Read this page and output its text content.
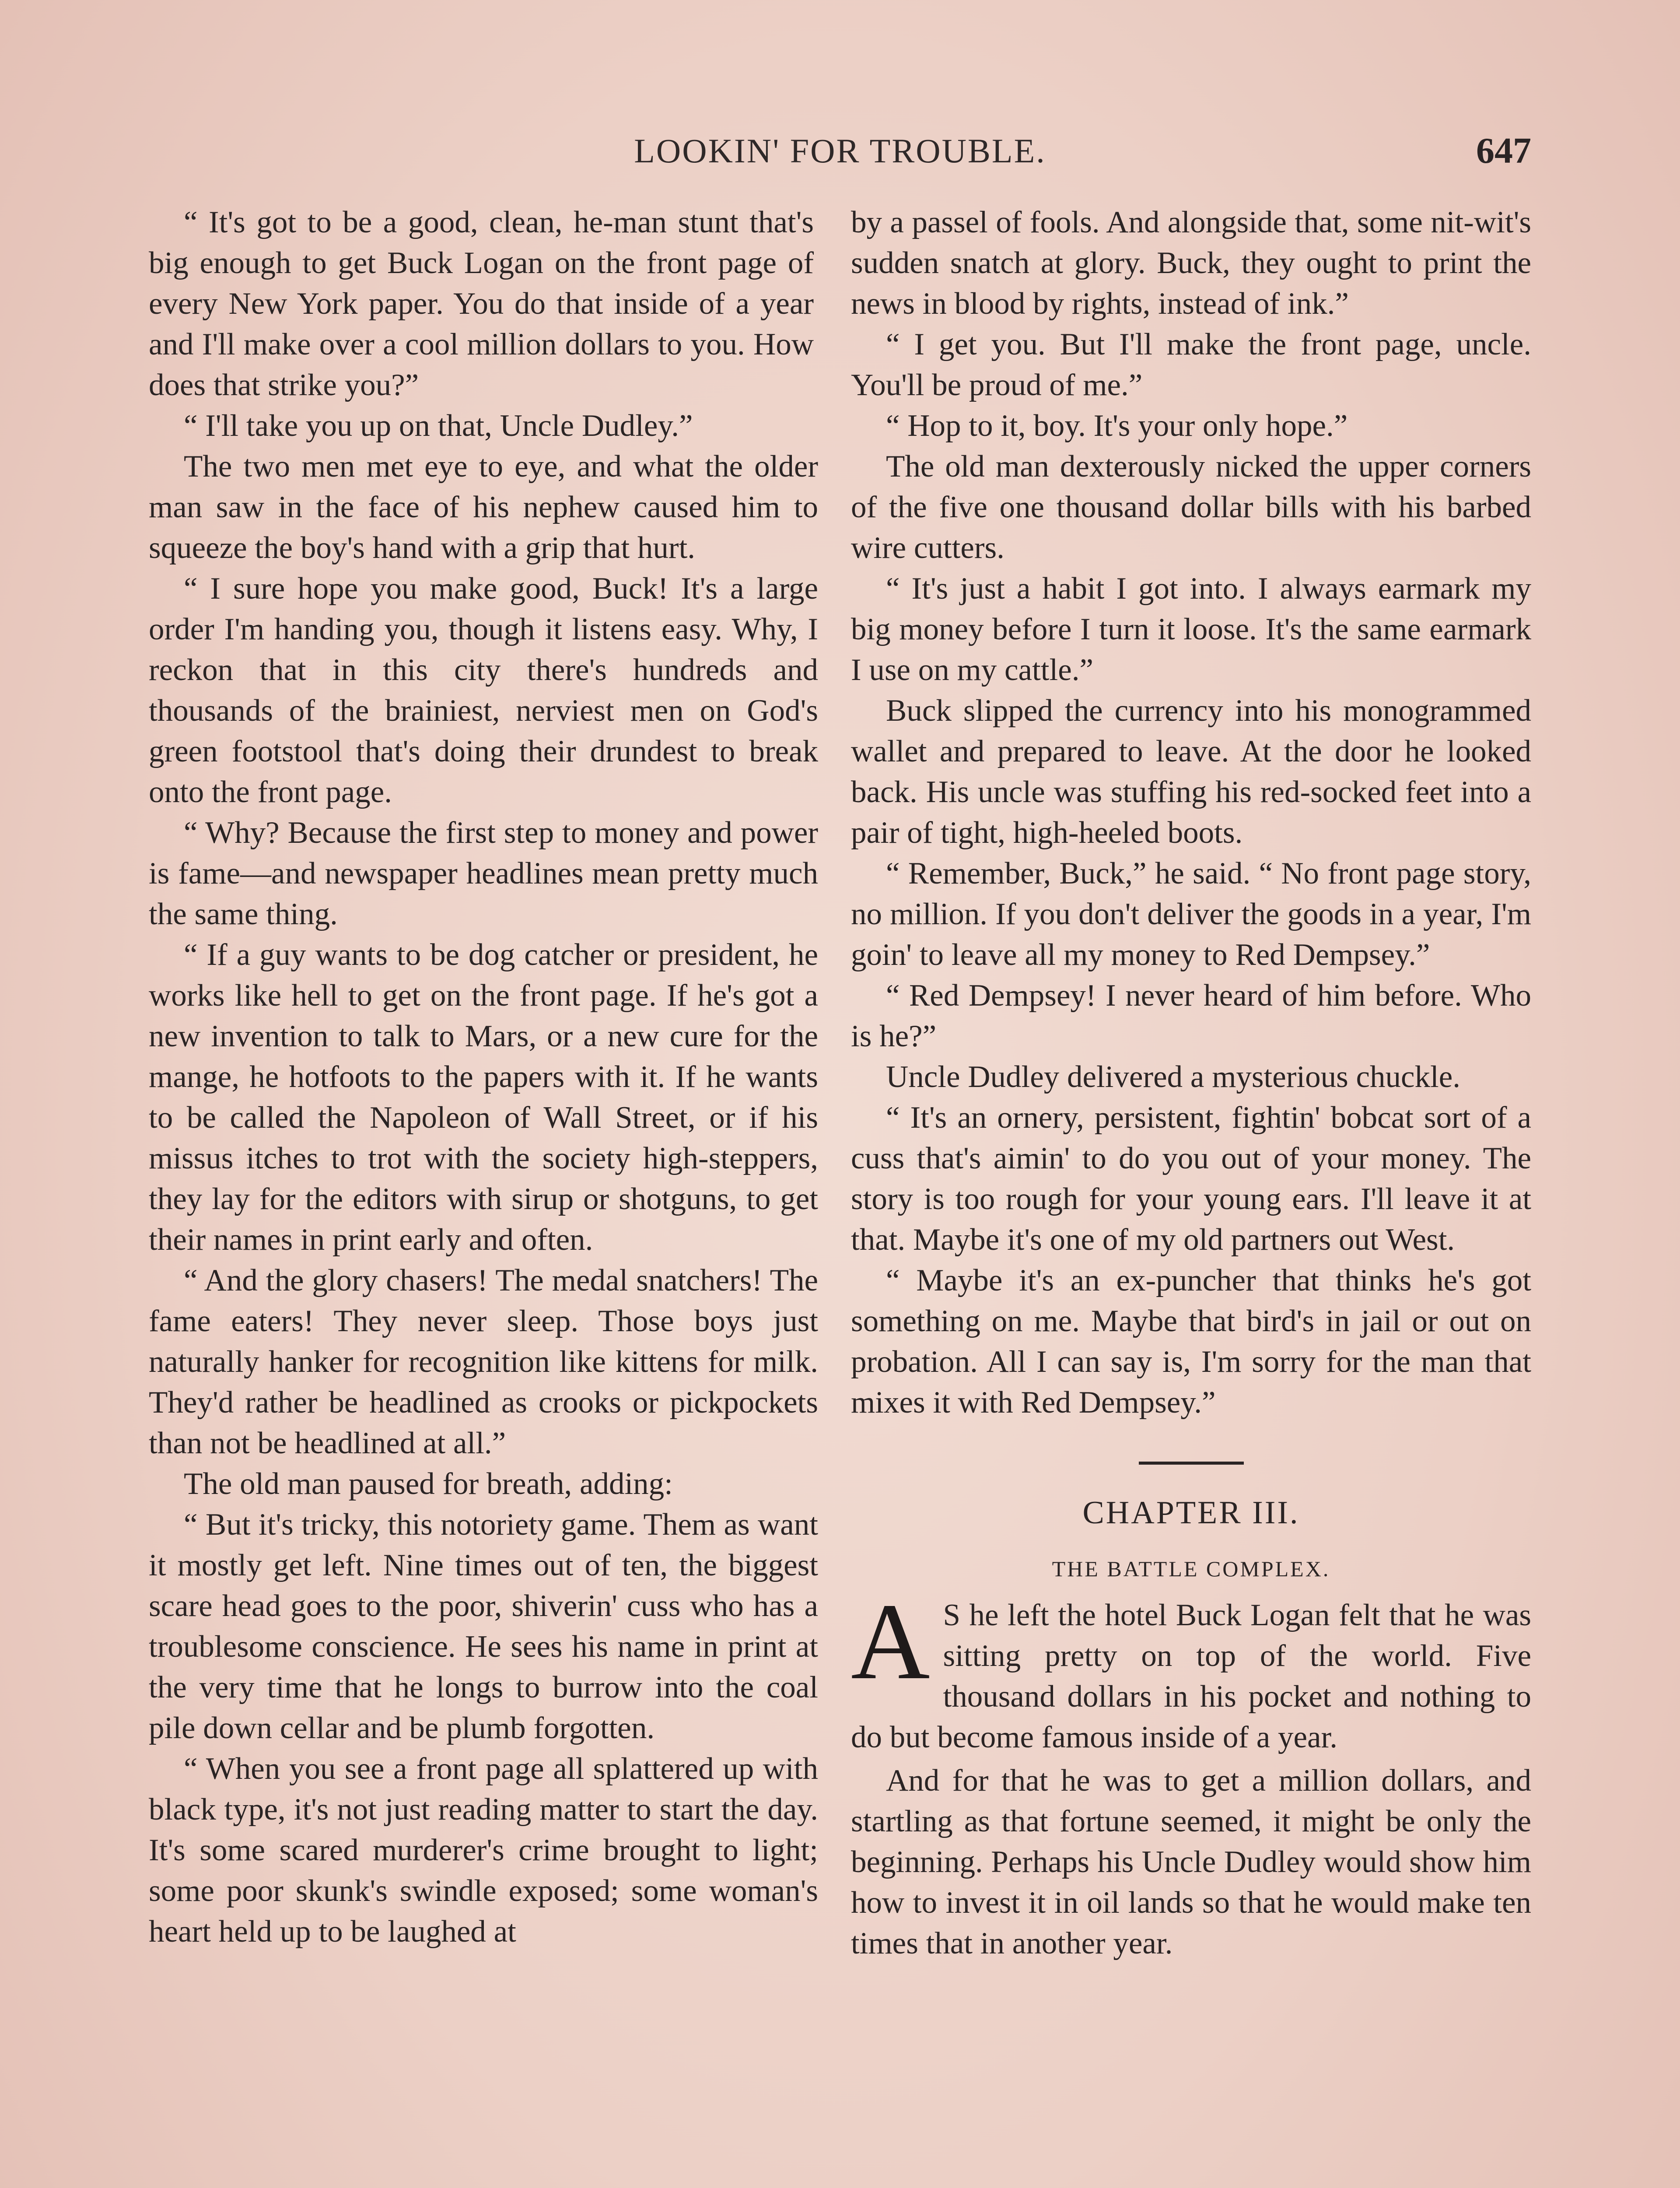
LOOKIN' FOR TROUBLE.	647

“ It's got to be a good, clean, he-man stunt that's big enough to get Buck Logan on the front page of every New York paper. You do that inside of a year and I'll make over a cool million dollars to you. How does that strike you?”

“ I'll take you up on that, Uncle Dudley.”

The two men met eye to eye, and what the older man saw in the face of his nephew caused him to squeeze the boy's hand with a grip that hurt.

“ I sure hope you make good, Buck! It's a large order I'm handing you, though it listens easy. Why, I reckon that in this city there's hundreds and thousands of the brainiest, nerviest men on God's green footstool that's doing their drundest to break onto the front page.

“ Why? Because the first step to money and power is fame—and newspaper headlines mean pretty much the same thing.

“ If a guy wants to be dog catcher or president, he works like hell to get on the front page. If he's got a new invention to talk to Mars, or a new cure for the mange, he hotfoots to the papers with it. If he wants to be called the Napoleon of Wall Street, or if his missus itches to trot with the society high-steppers, they lay for the editors with sirup or shotguns, to get their names in print early and often.

“ And the glory chasers! The medal snatchers! The fame eaters! They never sleep. Those boys just naturally hanker for recognition like kittens for milk. They'd rather be headlined as crooks or pickpockets than not be headlined at all.”

The old man paused for breath, adding:

“ But it's tricky, this notoriety game. Them as want it mostly get left. Nine times out of ten, the biggest scare head goes to the poor, shiverin' cuss who has a troublesome conscience. He sees his name in print at the very time that he longs to burrow into the coal pile down cellar and be plumb forgotten.

“ When you see a front page all splattered up with black type, it's not just reading matter to start the day. It's some scared murderer's crime brought to light; some poor skunk's swindle exposed; some woman's heart held up to be laughed at

by a passel of fools. And alongside that, some nit-wit's sudden snatch at glory. Buck, they ought to print the news in blood by rights, instead of ink.”

“ I get you. But I'll make the front page, uncle. You'll be proud of me.”

“ Hop to it, boy. It's your only hope.”

The old man dexterously nicked the upper corners of the five one thousand dollar bills with his barbed wire cutters.

“ It's just a habit I got into. I always earmark my big money before I turn it loose. It's the same earmark I use on my cattle.”

Buck slipped the currency into his monogrammed wallet and prepared to leave. At the door he looked back. His uncle was stuffing his red-socked feet into a pair of tight, high-heeled boots.

“ Remember, Buck,” he said. “ No front page story, no million. If you don't deliver the goods in a year, I'm goin' to leave all my money to Red Dempsey.”

“ Red Dempsey! I never heard of him before. Who is he?”

Uncle Dudley delivered a mysterious chuckle.

“ It's an ornery, persistent, fightin' bobcat sort of a cuss that's aimin' to do you out of your money. The story is too rough for your young ears. I'll leave it at that. Maybe it's one of my old partners out West.

“ Maybe it's an ex-puncher that thinks he's got something on me. Maybe that bird's in jail or out on probation. All I can say is, I'm sorry for the man that mixes it with Red Dempsey.”

CHAPTER III.
THE BATTLE COMPLEX.

A S he left the hotel Buck Logan felt that he was sitting pretty on top of the world. Five thousand dollars in his pocket and nothing to do but become famous inside of a year.

And for that he was to get a million dollars, and startling as that fortune seemed, it might be only the beginning. Perhaps his Uncle Dudley would show him how to invest it in oil lands so that he would make ten times that in another year.
